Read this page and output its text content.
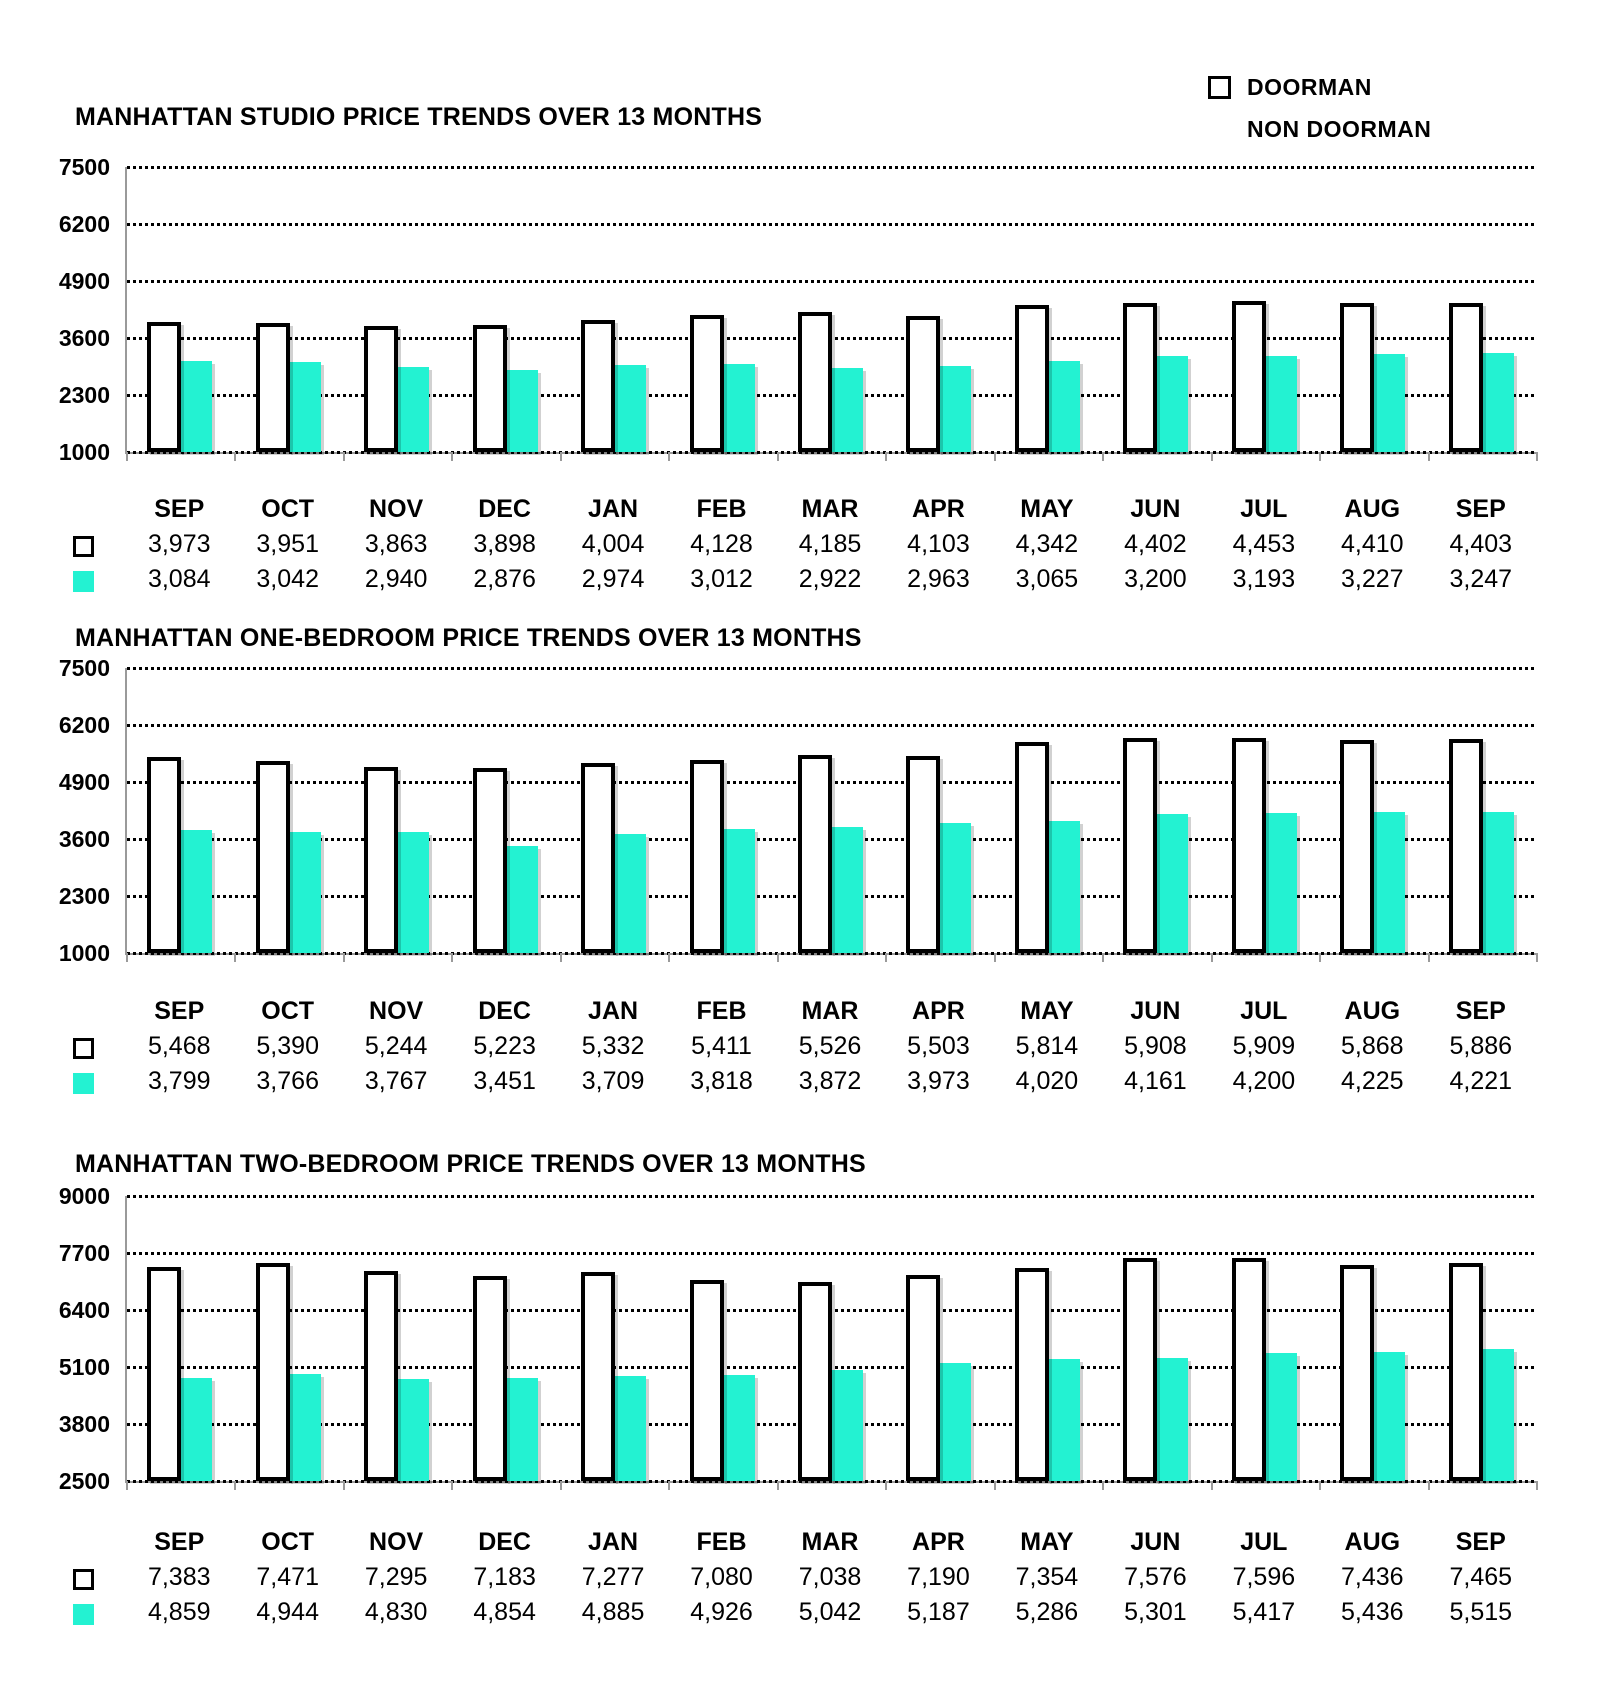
DOORMAN
NON DOORMAN
MANHATTAN STUDIO PRICE TRENDS OVER 13 MONTHS
7500
6200
4900
3600
2300
1000
SEP	OCT	NOV	DEC	JAN	FEB	MAR	APR	MAY	JUN	JUL	AUG	SEP
3,973	3,951	3,863	3,898	4,004	4,128	4,185	4,103	4,342	4,402	4,453	4,410	4,403
3,084	3,042	2,940	2,876	2,974	3,012	2,922	2,963	3,065	3,200	3,193	3,227	3,247
MANHATTAN ONE-BEDROOM PRICE TRENDS OVER 13 MONTHS
7500
6200
4900
3600
2300
1000
SEP	OCT	NOV	DEC	JAN	FEB	MAR	APR	MAY	JUN	JUL	AUG	SEP
5,468	5,390	5,244	5,223	5,332	5,411	5,526	5,503	5,814	5,908	5,909	5,868	5,886
3,799	3,766	3,767	3,451	3,709	3,818	3,872	3,973	4,020	4,161	4,200	4,225	4,221
MANHATTAN TWO-BEDROOM PRICE TRENDS OVER 13 MONTHS
9000
7700
6400
5100
3800
2500
SEP	OCT	NOV	DEC	JAN	FEB	MAR	APR	MAY	JUN	JUL	AUG	SEP
7,383	7,471	7,295	7,183	7,277	7,080	7,038	7,190	7,354	7,576	7,596	7,436	7,465
4,859	4,944	4,830	4,854	4,885	4,926	5,042	5,187	5,286	5,301	5,417	5,436	5,515
